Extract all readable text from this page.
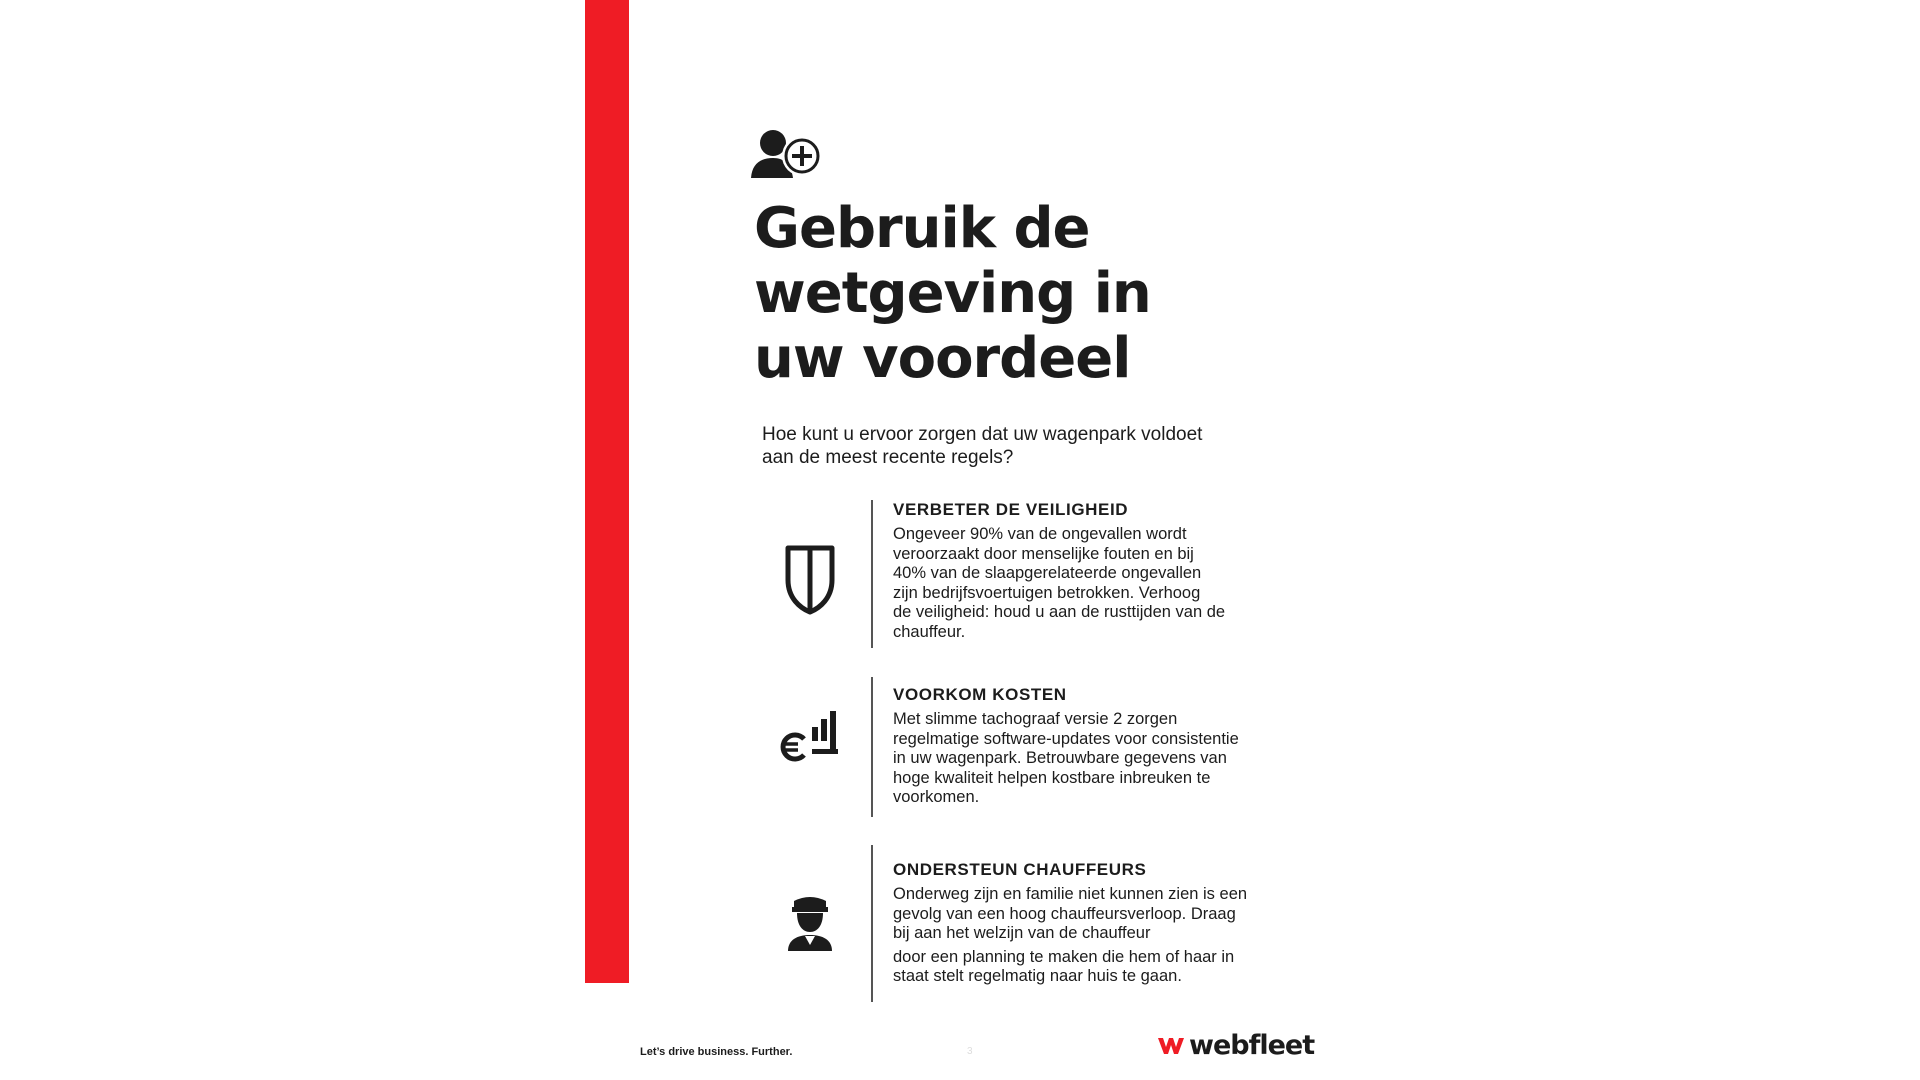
Gebruik de
wetgeving in
uw voordeel

Hoe kunt u ervoor zorgen dat uw wagenpark voldoet
aan de meest recente regels?

VERBETER DE VEILIGHEID

Ongeveer 90% van de ongevallen wordt
veroorzaakt door menselijke fouten en bij
40% van de slaapgerelateerde ongevallen
zijn bedrijfsvoertuigen betrokken. Verhoog
de veiligheid: houd u aan de rusttijden van de
chauffeur.

VOORKOM KOSTEN

Met slimme tachograaf versie 2 zorgen
regelmatige software-updates voor consistentie
in uw wagenpark. Betrouwbare gegevens van
hoge kwaliteit helpen kostbare inbreuken te
voorkomen.

ONDERSTEUN CHAUFFEURS

Onderweg zijn en familie niet kunnen zien is een
gevolg van een hoog chauffeursverloop. Draag
bij aan het welzijn van de chauffeur
door een planning te maken die hem of haar in
staat stelt regelmatig naar huis te gaan.

Let’s drive business. Further.	3	webfleet
